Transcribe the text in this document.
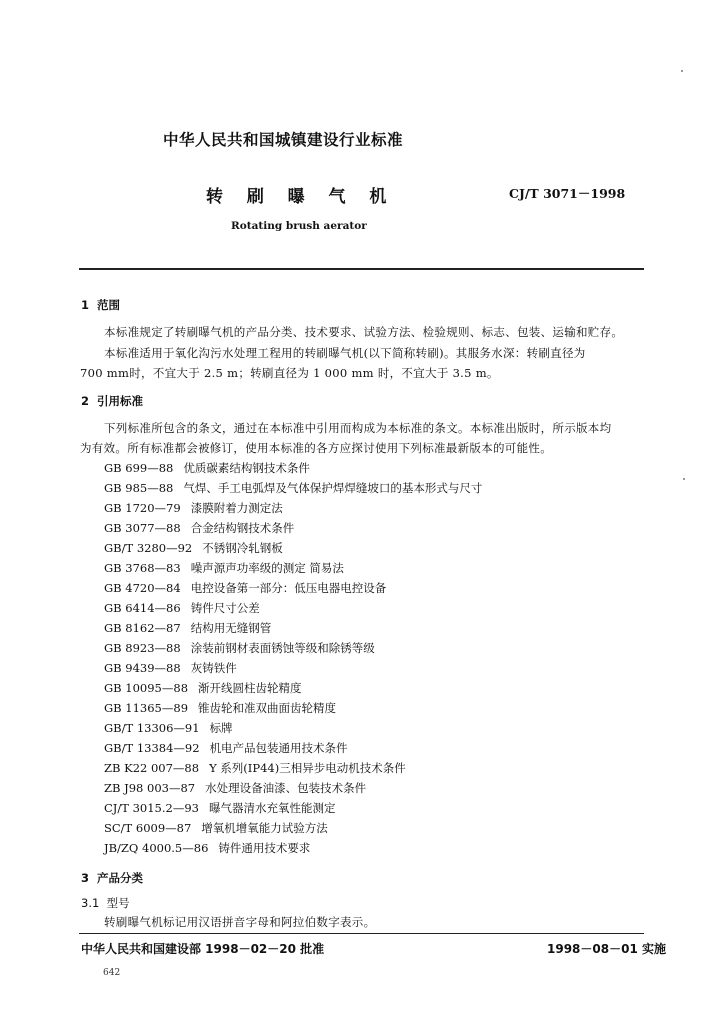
中华人民共和国城镇建设行业标准
转  刷  曝  气  机	CJ/T 3071－1998
Rotating brush aerator
1  范围
本标准规定了转刷曝气机的产品分类、技术要求、试验方法、检验规则、标志、包装、运输和贮存。
本标准适用于氧化沟污水处理工程用的转刷曝气机(以下简称转刷)。其服务水深：转刷直径为
700 mm时，不宜大于 2.5 m；转刷直径为 1 000 mm 时，不宜大于 3.5 m。
2  引用标准
下列标准所包含的条文，通过在本标准中引用而构成为本标准的条文。本标准出版时，所示版本均
为有效。所有标准都会被修订，使用本标准的各方应探讨使用下列标准最新版本的可能性。
GB 699—88 优质碳素结构钢技术条件
GB 985—88 气焊、手工电弧焊及气体保护焊焊缝坡口的基本形式与尺寸
GB 1720—79 漆膜附着力测定法
GB 3077—88 合金结构钢技术条件
GB/T 3280—92 不锈钢冷轧钢板
GB 3768—83 噪声源声功率级的测定 简易法
GB 4720—84 电控设备第一部分：低压电器电控设备
GB 6414—86 铸件尺寸公差
GB 8162—87 结构用无缝钢管
GB 8923—88 涂装前钢材表面锈蚀等级和除锈等级
GB 9439—88 灰铸铁件
GB 10095—88 渐开线圆柱齿轮精度
GB 11365—89 锥齿轮和准双曲面齿轮精度
GB/T 13306—91 标牌
GB/T 13384—92 机电产品包装通用技术条件
ZB K22 007—88 Y 系列(IP44)三相异步电动机技术条件
ZB J98 003—87 水处理设备油漆、包装技术条件
CJ/T 3015.2—93 曝气器清水充氧性能测定
SC/T 6009—87 增氧机增氧能力试验方法
JB/ZQ 4000.5—86 铸件通用技术要求
3  产品分类
3.1  型号
转刷曝气机标记用汉语拼音字母和阿拉伯数字表示。
中华人民共和国建设部 1998－02－20 批准	1998－08－01 实施
642
